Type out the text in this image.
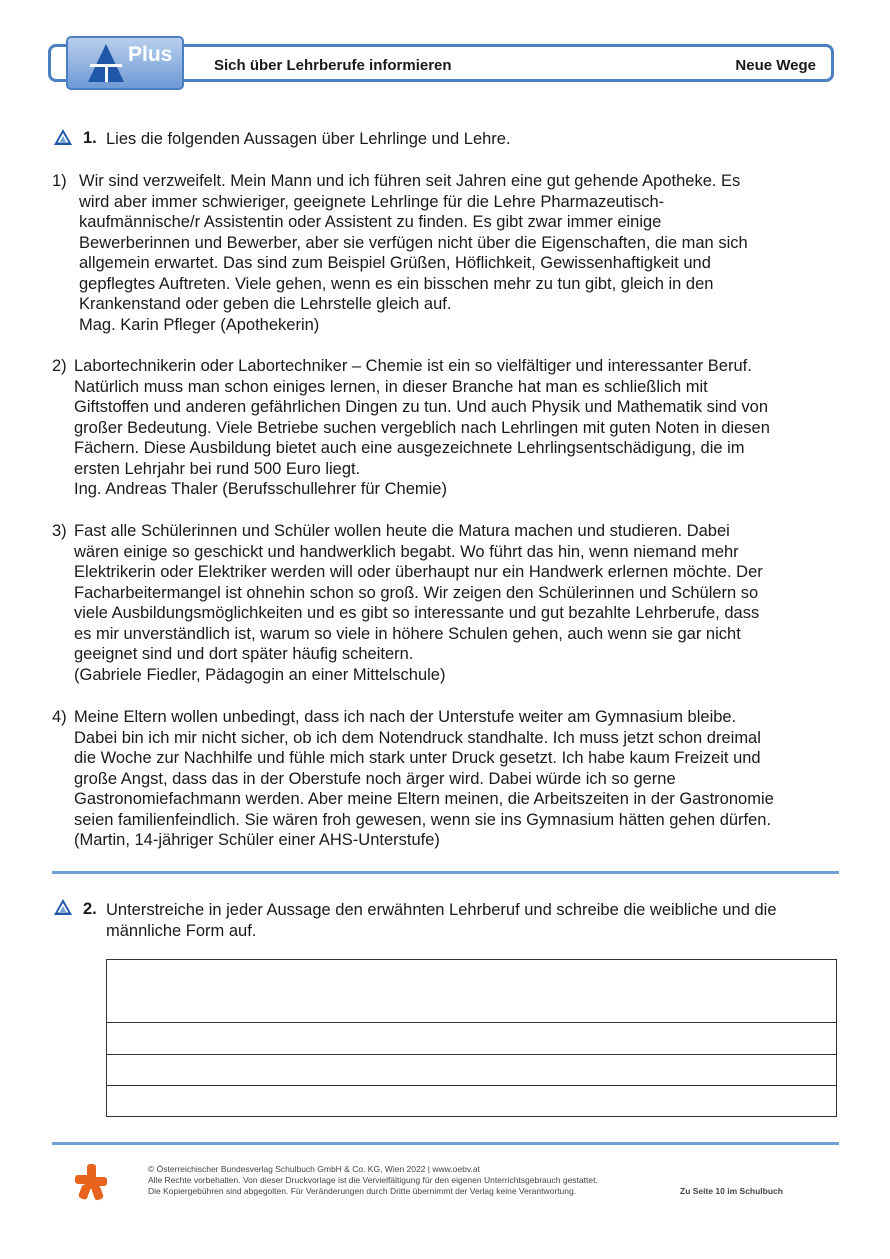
Plus	Sich über Lehrberufe informieren	Neue Wege
1. Lies die folgenden Aussagen über Lehrlinge und Lehre.
1) Wir sind verzweifelt. Mein Mann und ich führen seit Jahren eine gut gehende Apotheke. Es
wird aber immer schwieriger, geeignete Lehrlinge für die Lehre Pharmazeutisch-
kaufmännische/r Assistentin oder Assistent zu finden. Es gibt zwar immer einige
Bewerberinnen und Bewerber, aber sie verfügen nicht über die Eigenschaften, die man sich
allgemein erwartet. Das sind zum Beispiel Grüßen, Höflichkeit, Gewissenhaftigkeit und
gepflegtes Auftreten. Viele gehen, wenn es ein bisschen mehr zu tun gibt, gleich in den
Krankenstand oder geben die Lehrstelle gleich auf.
Mag. Karin Pfleger (Apothekerin)
2) Labortechnikerin oder Labortechniker – Chemie ist ein so vielfältiger und interessanter Beruf.
Natürlich muss man schon einiges lernen, in dieser Branche hat man es schließlich mit
Giftstoffen und anderen gefährlichen Dingen zu tun. Und auch Physik und Mathematik sind von
großer Bedeutung. Viele Betriebe suchen vergeblich nach Lehrlingen mit guten Noten in diesen
Fächern. Diese Ausbildung bietet auch eine ausgezeichnete Lehrlingsentschädigung, die im
ersten Lehrjahr bei rund 500 Euro liegt.
Ing. Andreas Thaler (Berufsschullehrer für Chemie)
3) Fast alle Schülerinnen und Schüler wollen heute die Matura machen und studieren. Dabei
wären einige so geschickt und handwerklich begabt. Wo führt das hin, wenn niemand mehr
Elektrikerin oder Elektriker werden will oder überhaupt nur ein Handwerk erlernen möchte. Der
Facharbeitermangel ist ohnehin schon so groß. Wir zeigen den Schülerinnen und Schülern so
viele Ausbildungsmöglichkeiten und es gibt so interessante und gut bezahlte Lehrberufe, dass
es mir unverständlich ist, warum so viele in höhere Schulen gehen, auch wenn sie gar nicht
geeignet sind und dort später häufig scheitern.
(Gabriele Fiedler, Pädagogin an einer Mittelschule)
4) Meine Eltern wollen unbedingt, dass ich nach der Unterstufe weiter am Gymnasium bleibe.
Dabei bin ich mir nicht sicher, ob ich dem Notendruck standhalte. Ich muss jetzt schon dreimal
die Woche zur Nachhilfe und fühle mich stark unter Druck gesetzt. Ich habe kaum Freizeit und
große Angst, dass das in der Oberstufe noch ärger wird. Dabei würde ich so gerne
Gastronomiefachmann werden. Aber meine Eltern meinen, die Arbeitszeiten in der Gastronomie
seien familienfeindlich. Sie wären froh gewesen, wenn sie ins Gymnasium hätten gehen dürfen.
(Martin, 14-jähriger Schüler einer AHS-Unterstufe)
2. Unterstreiche in jeder Aussage den erwähnten Lehrberuf und schreibe die weibliche und die
männliche Form auf.
© Österreichischer Bundesverlag Schulbuch GmbH & Co. KG, Wien 2022 | www.oebv.at
Alle Rechte vorbehalten. Von dieser Druckvorlage ist die Vervielfältigung für den eigenen Unterrichtsgebrauch gestattet.
Die Kopiergebühren sind abgegolten. Für Veränderungen durch Dritte übernimmt der Verlag keine Verantwortung.	Zu Seite 10 im Schulbuch
